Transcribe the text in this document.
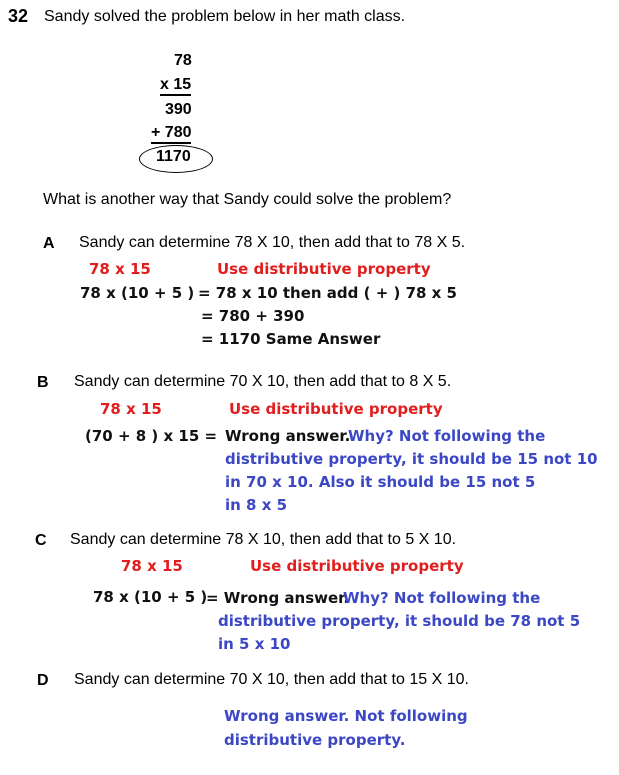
32 Sandy solved the problem below in her math class.
78
x 15
390
+ 780
1170
What is another way that Sandy could solve the problem?
A Sandy can determine 78 X 10, then add that to 78 X 5.
78 x 15	Use distributive property
78 x (10 + 5 ) = 78 x 10 then add ( + ) 78 x 5
= 780 + 390
= 1170 Same Answer
B Sandy can determine 70 X 10, then add that to 8 X 5.
78 x 15	Use distributive property
(70 + 8 ) x 15 = Wrong answer.
Why? Not following the
distributive property, it should be 15 not 10
in 70 x 10. Also it should be 15 not 5
in 8 x 5
C Sandy can determine 78 X 10, then add that to 5 X 10.
78 x 15	Use distributive property
78 x (10 + 5 )
= Wrong answer.
Why? Not following the
distributive property, it should be 78 not 5
in 5 x 10
D Sandy can determine 70 X 10, then add that to 15 X 10.
Wrong answer. Not following
distributive property.
